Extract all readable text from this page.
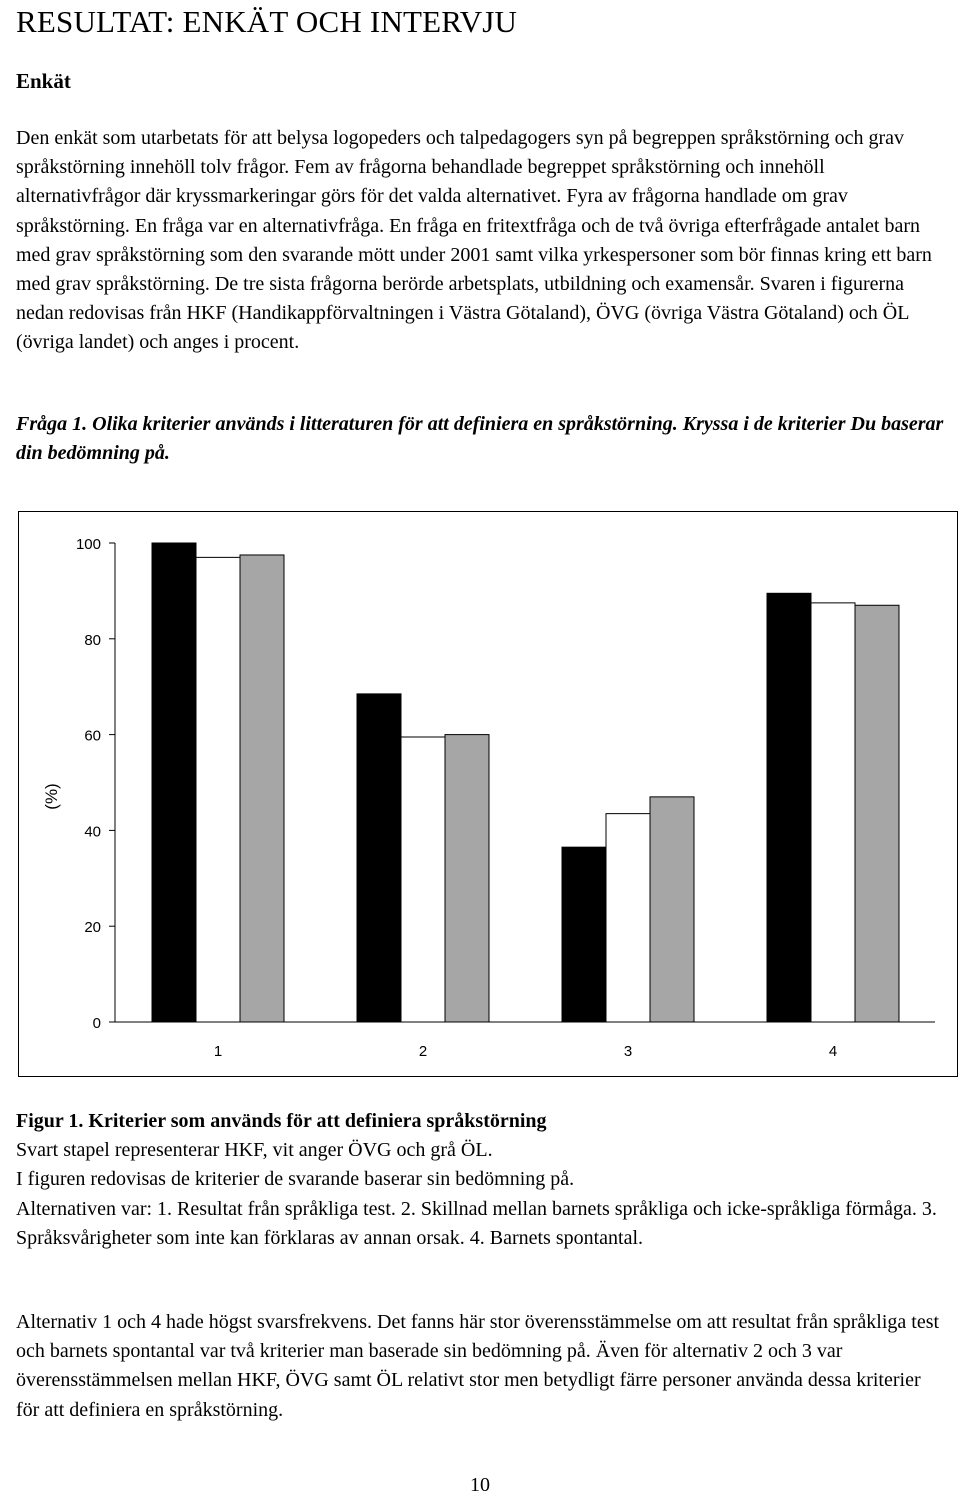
RESULTAT: ENKÄT OCH INTERVJU
Enkät

Den enkät som utarbetats för att belysa logopeders och talpedagogers syn på begreppen språkstörning och grav språkstörning innehöll tolv frågor. Fem av frågorna behandlade begreppet språkstörning och innehöll alternativfrågor där kryssmarkeringar görs för det valda alternativet. Fyra av frågorna handlade om grav språkstörning. En fråga var en alternativfråga. En fråga en fritextfråga och de två övriga efterfrågade antalet barn med grav språkstörning som den svarande mött under 2001 samt vilka yrkespersoner som bör finnas kring ett barn med grav språkstörning. De tre sista frågorna berörde arbetsplats, utbildning och examensår. Svaren i figurerna nedan redovisas från HKF (Handikappförvaltningen i Västra Götaland), ÖVG (övriga Västra Götaland) och ÖL (övriga landet) och anges i procent.

Fråga 1. Olika kriterier används i litteraturen för att definiera en språkstörning. Kryssa i de kriterier Du baserar din bedömning på.
0
20
40
60
80
100
(%)
1	2	3	4

Figur 1. Kriterier som används för att definiera språkstörning

Svart stapel representerar HKF, vit anger ÖVG och grå ÖL.

I figuren redovisas de kriterier de svarande baserar sin bedömning på.

Alternativen var: 1. Resultat från språkliga test. 2. Skillnad mellan barnets språkliga och icke-språkliga förmåga. 3. Språksvårigheter som inte kan förklaras av annan orsak. 4. Barnets spontantal.

Alternativ 1 och 4 hade högst svarsfrekvens. Det fanns här stor överensstämmelse om att resultat från språkliga test och barnets spontantal var två kriterier man baserade sin bedömning på. Även för alternativ 2 och 3 var överensstämmelsen mellan HKF, ÖVG samt ÖL relativt stor men betydligt färre personer använda dessa kriterier för att definiera en språkstörning.

10
